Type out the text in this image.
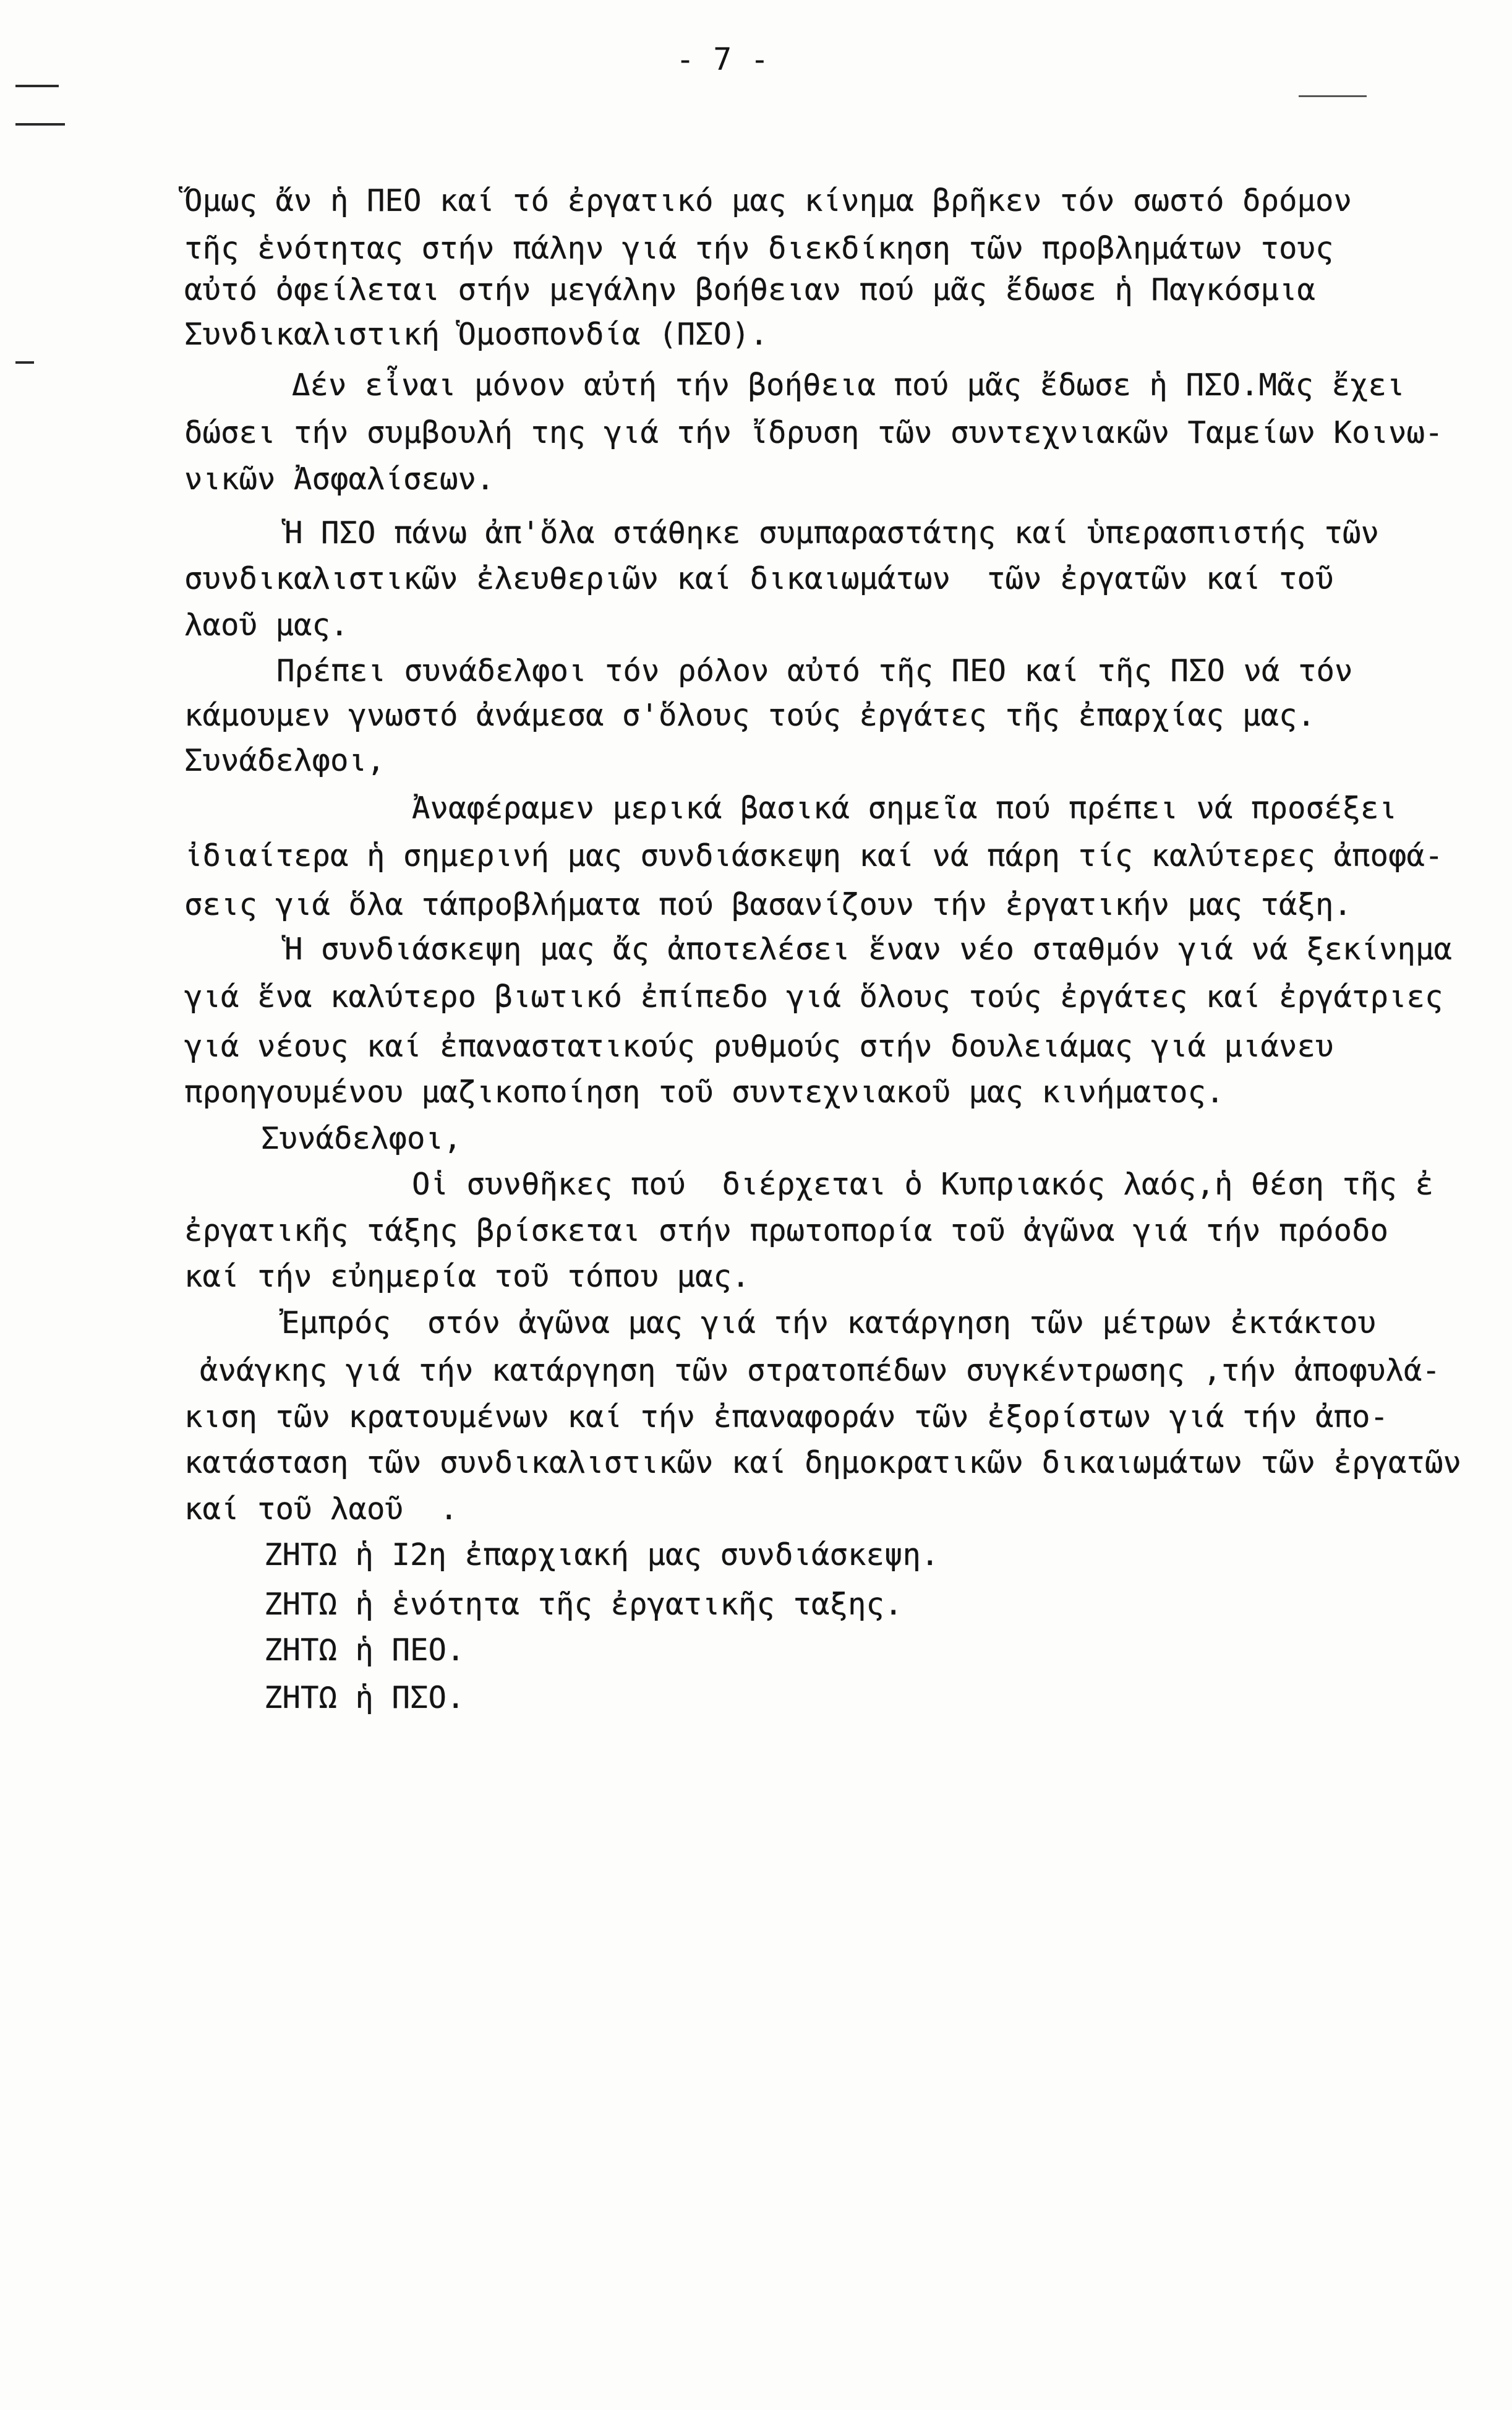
- 7 -
Ὅμως ἄν ἡ ΠΕΟ καί τό ἐργατικό μας κίνημα βρῆκεν τόν σωστό δρόμον
τῆς ἑνότητας στήν πάλην γιά τήν διεκδίκηση τῶν προβλημάτων τους
αὐτό ὀφείλεται στήν μεγάλην βοήθειαν πού μᾶς ἔδωσε ἡ Παγκόσμια
Συνδικαλιστική Ὁμοσπονδία (ΠΣΟ).
Δέν εἶναι μόνον αὐτή τήν βοήθεια πού μᾶς ἔδωσε ἡ ΠΣΟ.Μᾶς ἔχει
δώσει τήν συμβουλή της γιά τήν ἴδρυση τῶν συντεχνιακῶν Ταμείων Κοινω-
νικῶν Ἀσφαλίσεων.
Ἡ ΠΣΟ πάνω ἀπ'ὅλα στάθηκε συμπαραστάτης καί ὑπερασπιστής τῶν
συνδικαλιστικῶν ἐλευθεριῶν καί δικαιωμάτων  τῶν ἐργατῶν καί τοῦ
λαοῦ μας.
Πρέπει συνάδελφοι τόν ρόλον αὐτό τῆς ΠΕΟ καί τῆς ΠΣΟ νά τόν
κάμουμεν γνωστό ἀνάμεσα σ'ὅλους τούς ἐργάτες τῆς ἐπαρχίας μας.
Συνάδελφοι,
Ἀναφέραμεν μερικά βασικά σημεῖα πού πρέπει νά προσέξει
ἰδιαίτερα ἡ σημερινή μας συνδιάσκεψη καί νά πάρη τίς καλύτερες ἀποφά-
σεις γιά ὅλα τάπροβλήματα πού βασανίζουν τήν ἐργατικήν μας τάξη.
Ἡ συνδιάσκεψη μας ἄς ἀποτελέσει ἕναν νέο σταθμόν γιά νά ξεκίνημα
γιά ἕνα καλύτερο βιωτικό ἐπίπεδο γιά ὅλους τούς ἐργάτες καί ἐργάτριες
γιά νέους καί ἐπαναστατικούς ρυθμούς στήν δουλειάμας γιά μιάνευ
προηγουμένου μαζικοποίηση τοῦ συντεχνιακοῦ μας κινήματος.
Συνάδελφοι,
Οἱ συνθῆκες πού  διέρχεται ὁ Κυπριακός λαός,ἡ θέση τῆς ἐ
ἐργατικῆς τάξης βρίσκεται στήν πρωτοπορία τοῦ ἀγῶνα γιά τήν πρόοδο
καί τήν εὐημερία τοῦ τόπου μας.
Ἐμπρός  στόν ἀγῶνα μας γιά τήν κατάργηση τῶν μέτρων ἐκτάκτου
ἀνάγκης γιά τήν κατάργηση τῶν στρατοπέδων συγκέντρωσης ,τήν ἀποφυλά-
κιση τῶν κρατουμένων καί τήν ἐπαναφοράν τῶν ἐξορίστων γιά τήν ἀπο-
κατάσταση τῶν συνδικαλιστικῶν καί δημοκρατικῶν δικαιωμάτων τῶν ἐργατῶν
καί τοῦ λαοῦ  .
ΖΗΤΩ ἡ Ι2η ἐπαρχιακή μας συνδιάσκεψη.
ΖΗΤΩ ἡ ἑνότητα τῆς ἐργατικῆς ταξης.
ΖΗΤΩ ἡ ΠΕΟ.
ΖΗΤΩ ἡ ΠΣΟ.
